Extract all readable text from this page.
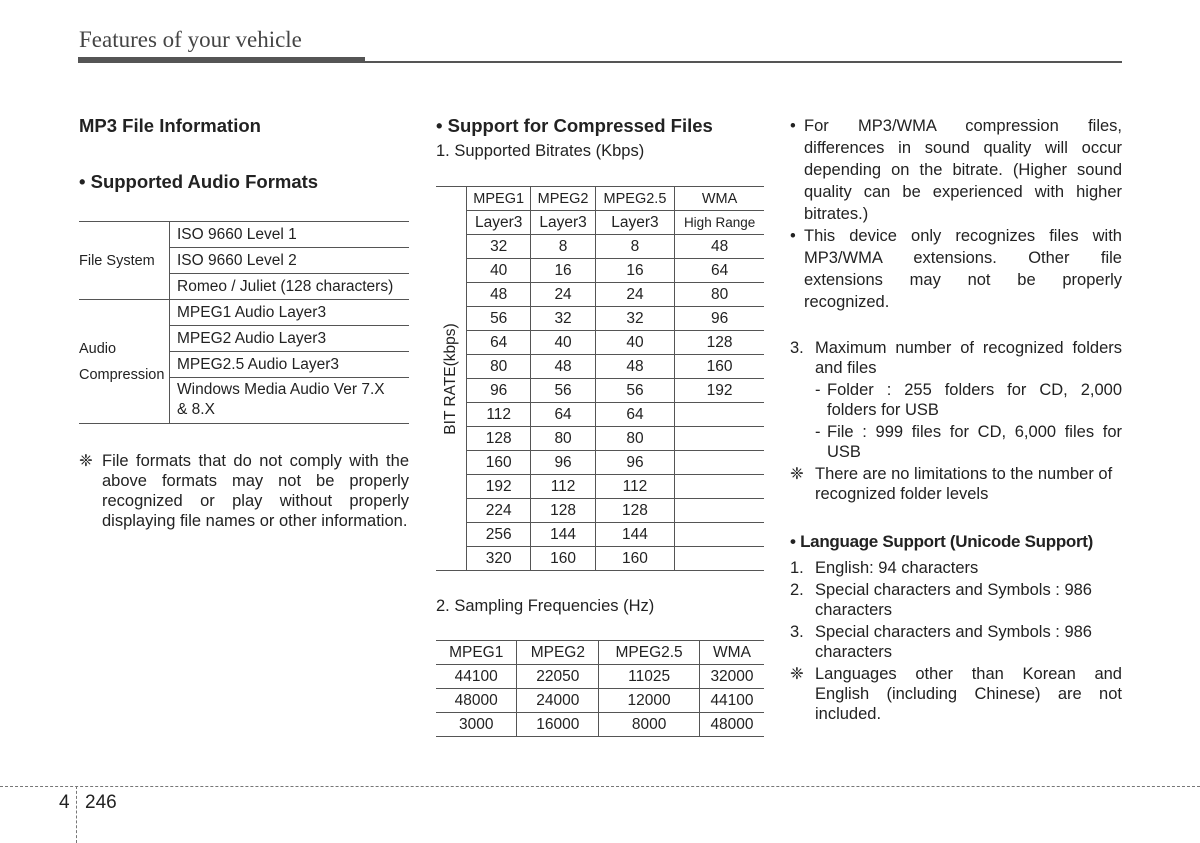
Features of your vehicle
MP3 File Information
• Supported Audio Formats
File System	ISO 9660 Level 1
	ISO 9660 Level 2
	Romeo / Juliet (128 characters)

Audio
Compression	MPEG1 Audio Layer3
	MPEG2 Audio Layer3
	MPEG2.5 Audio Layer3

	Windows Media Audio Ver 7.X
& 8.X
❈ File formats that do not comply with the above formats may not be properly recognized or play without properly displaying file names or other information.
• Support for Compressed Files
1. Supported Bitrates (Kbps)
BIT RATE(kbps)	MPEG1	MPEG2	MPEG2.5	WMA
	Layer3	Layer3	Layer3	High Range
	32	8	8	48
	40	16	16	64
	48	24	24	80
	56	32	32	96
	64	40	40	128
	80	48	48	160
	96	56	56	192
	112	64	64	
	128	80	80	
	160	96	96	
	192	112	112	
	224	128	128	
	256	144	144	
	320	160	160	
2. Sampling Frequencies (Hz)
MPEG1	MPEG2	MPEG2.5	WMA
44100	22050	11025	32000
48000	24000	12000	44100
3000	16000	8000	48000
• For MP3/WMA compression files, differences in sound quality will occur depending on the bitrate. (Higher sound quality can be experienced with higher bitrates.)
• This device only recognizes files with MP3/WMA extensions. Other file extensions may not be properly recognized.
3. Maximum number of recognized folders and files
- Folder : 255 folders for CD, 2,000 folders for USB
- File : 999 files for CD, 6,000 files for USB
❈ There are no limitations to the number of recognized folder levels
• Language Support (Unicode Support)
1. English: 94 characters
2. Special characters and Symbols : 986 characters
3. Special characters and Symbols : 986 characters
❈ Languages other than Korean and English (including Chinese) are not included.
4 246
